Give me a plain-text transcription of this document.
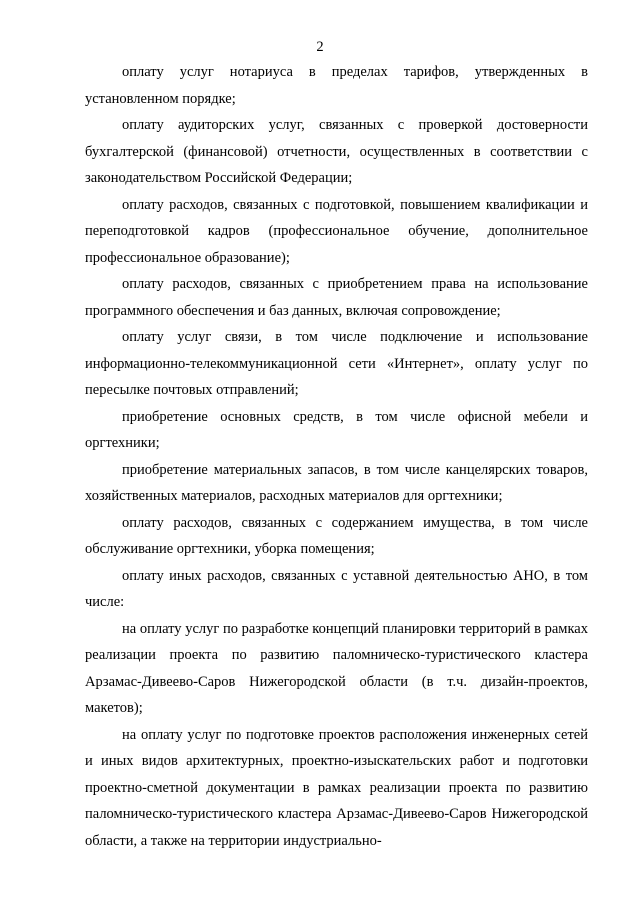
2

оплату услуг нотариуса в пределах тарифов, утвержденных в установленном порядке;

оплату аудиторских услуг, связанных с проверкой достоверности бухгалтерской (финансовой) отчетности, осуществленных в соответствии с законодательством Российской Федерации;

оплату расходов, связанных с подготовкой, повышением квалификации и переподготовкой кадров (профессиональное обучение, дополнительное профессиональное образование);

оплату расходов, связанных с приобретением права на использование программного обеспечения и баз данных, включая сопровождение;

оплату услуг связи, в том числе подключение и использование информационно-телекоммуникационной сети «Интернет», оплату услуг по пересылке почтовых отправлений;

приобретение основных средств, в том числе офисной мебели и оргтехники;

приобретение материальных запасов, в том числе канцелярских товаров, хозяйственных материалов, расходных материалов для оргтехники;

оплату расходов, связанных с содержанием имущества, в том числе обслуживание оргтехники, уборка помещения;

оплату иных расходов, связанных с уставной деятельностью АНО, в том числе:

на оплату услуг по разработке концепций планировки территорий в рамках реализации проекта по развитию паломническо-туристического кластера Арзамас-Дивеево-Саров Нижегородской области (в т.ч. дизайн-проектов, макетов);

на оплату услуг по подготовке проектов расположения инженерных сетей и иных видов архитектурных, проектно-изыскательских работ и подготовки проектно-сметной документации в рамках реализации проекта по развитию паломническо-туристического кластера Арзамас-Дивеево-Саров Нижегородской области, а также на территории индустриально-
